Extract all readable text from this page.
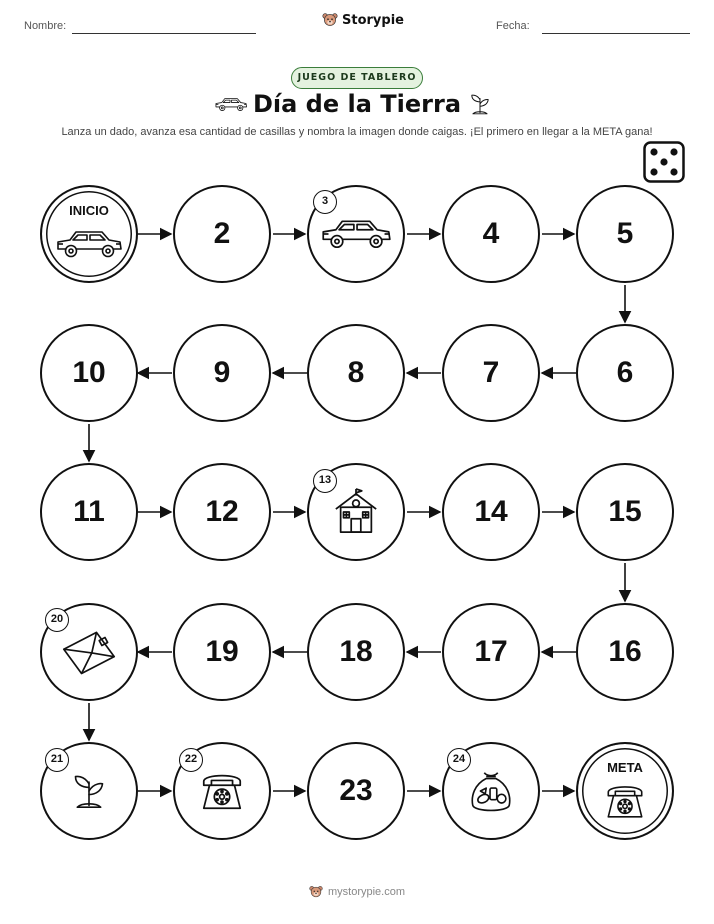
Nombre:	Storypie	Fecha:
JUEGO DE TABLERO
Día de la Tierra
Lanza un dado, avanza esa cantidad de casillas y nombra la imagen donde caigas. ¡El primero en llegar a la META gana!
INICIO
2
3
4	5
10	9	8	7	6
11	12
13
14	15
20
19	18	17	16
21	22
23
24
META
mystorypie.com
